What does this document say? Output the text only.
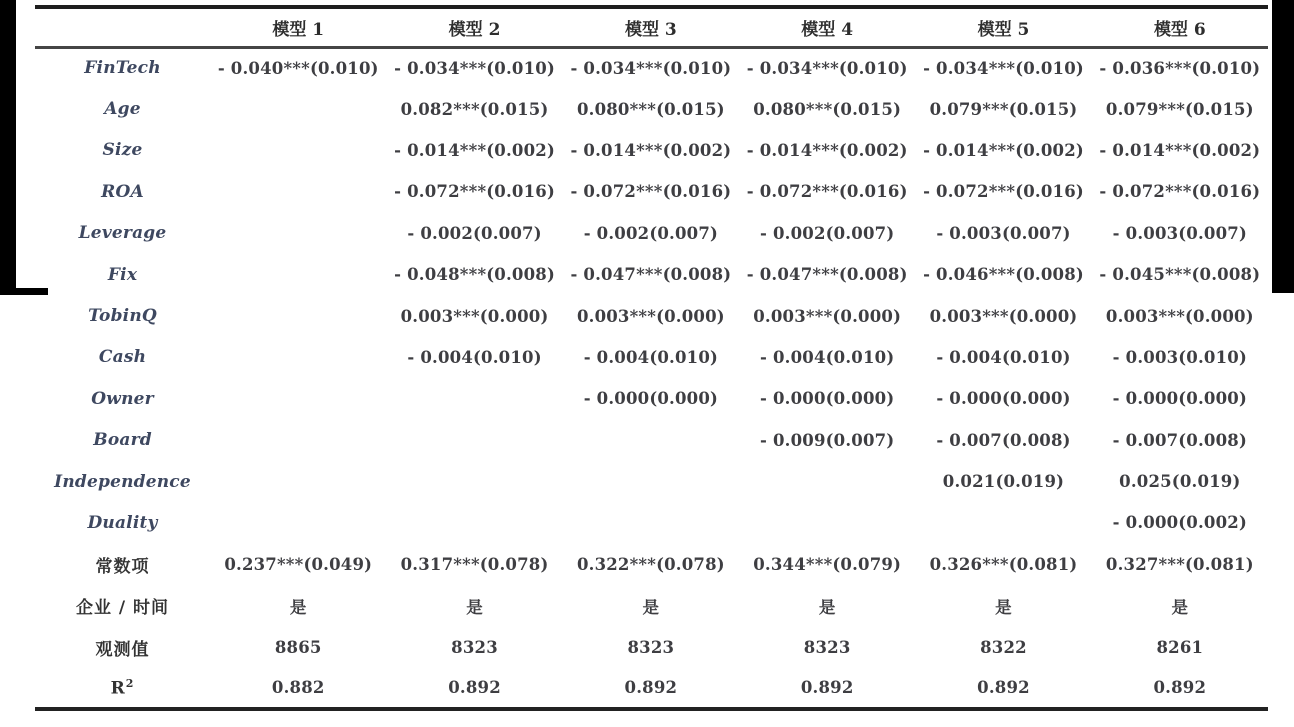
	模型 1	模型 2	模型 3	模型 4	模型 5	模型 6
FinTech	- 0.040***(0.010)	- 0.034***(0.010)	- 0.034***(0.010)	- 0.034***(0.010)	- 0.034***(0.010)	- 0.036***(0.010)
Age		0.082***(0.015)	0.080***(0.015)	0.080***(0.015)	0.079***(0.015)	0.079***(0.015)
Size		- 0.014***(0.002)	- 0.014***(0.002)	- 0.014***(0.002)	- 0.014***(0.002)	- 0.014***(0.002)
ROA		- 0.072***(0.016)	- 0.072***(0.016)	- 0.072***(0.016)	- 0.072***(0.016)	- 0.072***(0.016)
Leverage		- 0.002(0.007)	- 0.002(0.007)	- 0.002(0.007)	- 0.003(0.007)	- 0.003(0.007)
Fix		- 0.048***(0.008)	- 0.047***(0.008)	- 0.047***(0.008)	- 0.046***(0.008)	- 0.045***(0.008)
TobinQ		0.003***(0.000)	0.003***(0.000)	0.003***(0.000)	0.003***(0.000)	0.003***(0.000)
Cash		- 0.004(0.010)	- 0.004(0.010)	- 0.004(0.010)	- 0.004(0.010)	- 0.003(0.010)
Owner			- 0.000(0.000)	- 0.000(0.000)	- 0.000(0.000)	- 0.000(0.000)
Board				- 0.009(0.007)	- 0.007(0.008)	- 0.007(0.008)
Independence					0.021(0.019)	0.025(0.019)
Duality						- 0.000(0.002)
常数项	0.237***(0.049)	0.317***(0.078)	0.322***(0.078)	0.344***(0.079)	0.326***(0.081)	0.327***(0.081)
企业 / 时间	是	是	是	是	是	是
观测值	8865	8323	8323	8323	8322	8261
$R^2$	0.882	0.892	0.892	0.892	0.892	0.892
